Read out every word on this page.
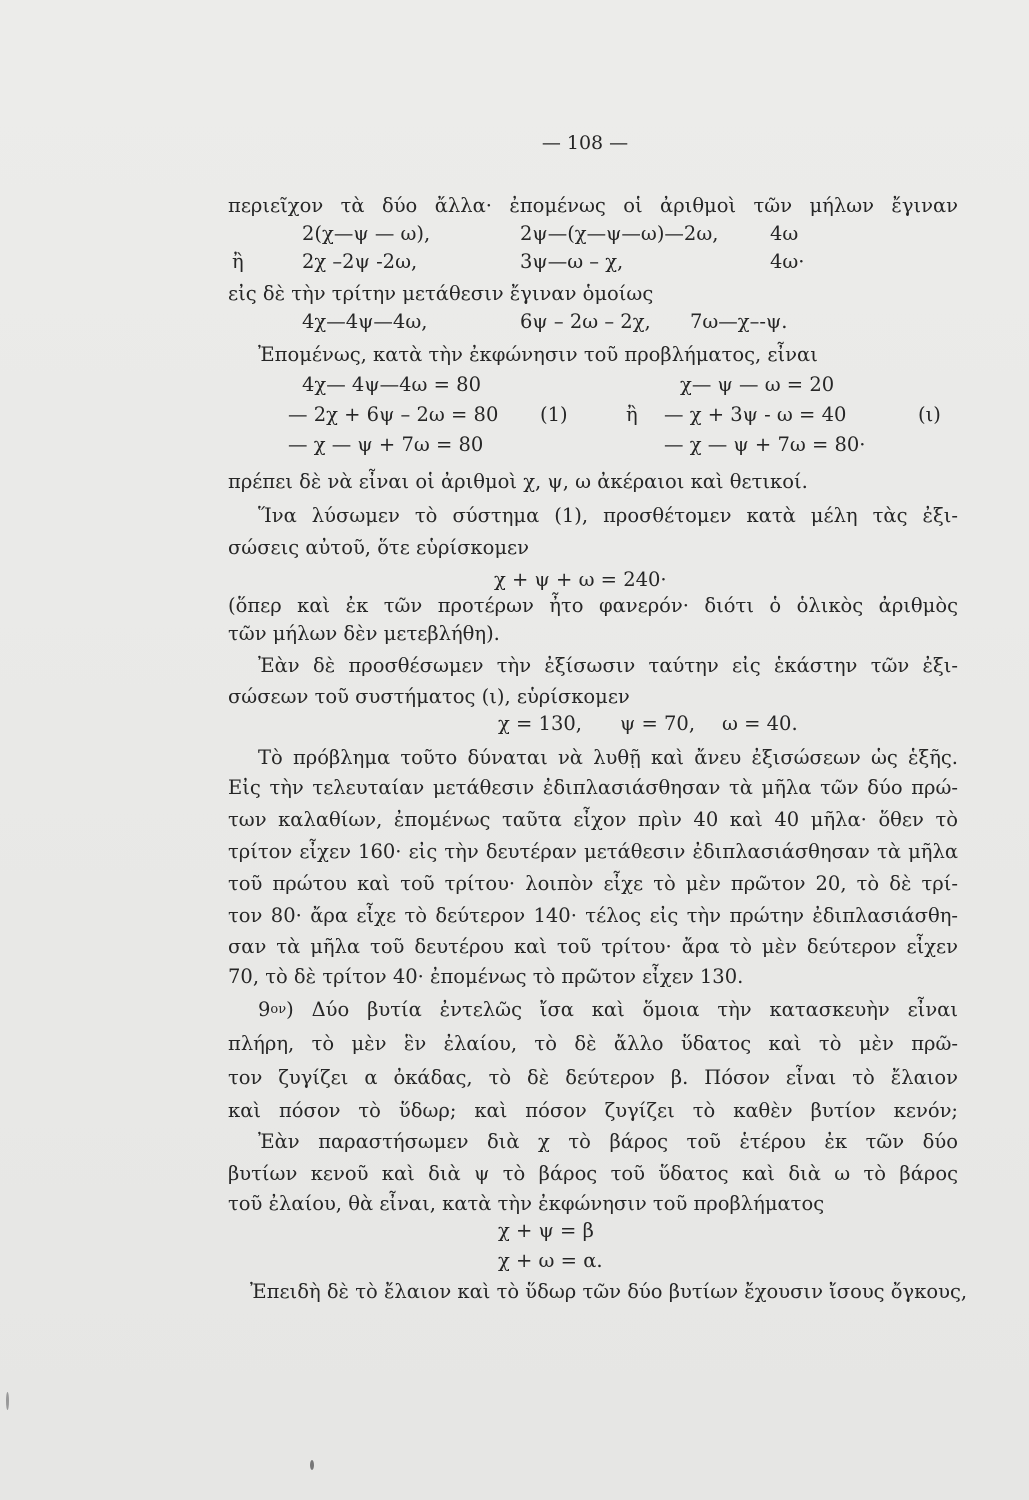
— 108 —
περιεῖχον τὰ δύο ἄλλα· ἐπομένως οἱ ἀριθμοὶ τῶν μήλων ἔγιναν
2(χ—ψ — ω),	2ψ—(χ—ψ—ω)—2ω,	4ω
ἢ	2χ –2ψ -2ω,	3ψ—ω – χ,	4ω·
εἰς δὲ τὴν τρίτην μετάθεσιν ἔγιναν ὁμοίως
4χ—4ψ—4ω,	6ψ – 2ω – 2χ, 7ω—χ–-ψ.
Ἐπομένως, κατὰ τὴν ἐκφώνησιν τοῦ προβλήματος, εἶναι
4χ— 4ψ—4ω = 80	χ— ψ — ω = 20
— 2χ + 6ψ – 2ω = 80 (1)	ἢ — χ + 3ψ - ω = 40	(ι)
— χ — ψ + 7ω = 80	— χ — ψ + 7ω = 80·
πρέπει δὲ νὰ εἶναι οἱ ἀριθμοὶ χ, ψ, ω ἀκέραιοι καὶ θετικοί.
Ἵνα λύσωμεν τὸ σύστημα (1), προσθέτομεν κατὰ μέλη τὰς ἐξι-
σώσεις αὐτοῦ, ὅτε εὑρίσκομεν
χ + ψ + ω = 240·
(ὅπερ καὶ ἐκ τῶν προτέρων ἦτο φανερόν· διότι ὁ ὁλικὸς ἀριθμὸς
τῶν μήλων δὲν μετεβλήθη).
Ἐὰν δὲ προσθέσωμεν τὴν ἐξίσωσιν ταύτην εἰς ἑκάστην τῶν ἐξι-
σώσεων τοῦ συστήματος (ι), εὑρίσκομεν
χ = 130, ψ = 70, ω = 40.
Τὸ πρόβλημα τοῦτο δύναται νὰ λυθῇ καὶ ἄνευ ἐξισώσεων ὡς ἑξῆς.
Εἰς τὴν τελευταίαν μετάθεσιν ἐδιπλασιάσθησαν τὰ μῆλα τῶν δύο πρώ-
των καλαθίων, ἐπομένως ταῦτα εἶχον πρὶν 40 καὶ 40 μῆλα· ὅθεν τὸ
τρίτον εἶχεν 160· εἰς τὴν δευτέραν μετάθεσιν ἐδιπλασιάσθησαν τὰ μῆλα
τοῦ πρώτου καὶ τοῦ τρίτου· λοιπὸν εἶχε τὸ μὲν πρῶτον 20, τὸ δὲ τρί-
τον 80· ἄρα εἶχε τὸ δεύτερον 140· τέλος εἰς τὴν πρώτην ἐδιπλασιάσθη-
σαν τὰ μῆλα τοῦ δευτέρου καὶ τοῦ τρίτου· ἄρα τὸ μὲν δεύτερον εἶχεν
70, τὸ δὲ τρίτον 40· ἐπομένως τὸ πρῶτον εἶχεν 130.
9 ον ) Δύο βυτία ἐντελῶς ἴσα καὶ ὅμοια τὴν κατασκευὴν εἶναι
πλήρη, τὸ μὲν ἓν ἐλαίου, τὸ δὲ ἄλλο ὕδατος καὶ τὸ μὲν πρῶ-
τον ζυγίζει α ὀκάδας, τὸ δὲ δεύτερον β. Πόσον εἶναι τὸ ἔλαιον
καὶ πόσον τὸ ὕδωρ; καὶ πόσον ζυγίζει τὸ καθὲν βυτίον κενόν;
Ἐὰν παραστήσωμεν διὰ χ τὸ βάρος τοῦ ἑτέρου ἐκ τῶν δύο
βυτίων κενοῦ καὶ διὰ ψ τὸ βάρος τοῦ ὕδατος καὶ διὰ ω τὸ βάρος
τοῦ ἐλαίου, θὰ εἶναι, κατὰ τὴν ἐκφώνησιν τοῦ προβλήματος
χ + ψ = β
χ + ω = α.
Ἐπειδὴ δὲ τὸ ἔλαιον καὶ τὸ ὕδωρ τῶν δύο βυτίων ἔχουσιν ἴσους ὄγκους,
